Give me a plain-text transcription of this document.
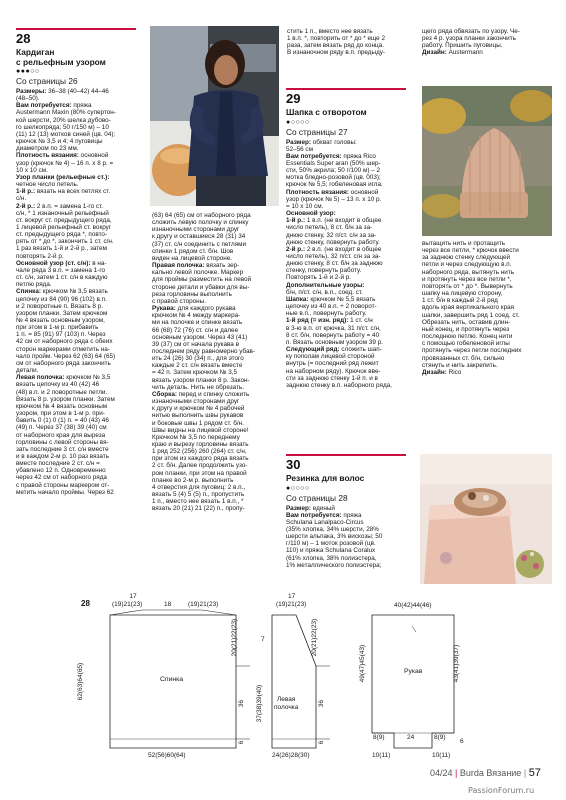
28
Кардиган
с рельефным узором
●●●○○
Со страницы 26

Размеры: 36–38 (40–42) 44–46

(48–50).

Вам потребуется: пряжа

Austermann Maxin (80% супертон-

кой шерсти, 20% шелка дубово-

го шелкопряда; 50 г/150 м) – 10

(11) 12 (13) мотков синей (цв. 04);

крючок № 3,5 и 4; 4 пуговицы

диаметром по 23 мм.

Плотность вязания: основной

узор (крючок № 4) – 16 п. x 8 р. =

10 x 10 см.

Узор планки (рельефные ст.):

четное число петель.

1-й р.: вязать на всех петлях ст.

с/н.

2-й р.: 2 в.п. = замена 1-го ст.

с/н, * 1 изнаночный рельефный

ст. вокруг ст. предыдущего ряда,

1 лицевой рельефный ст. вокруг

ст. предыдущего ряда *, повто-

рять от * до *, закончить 1 ст. с/н.

1 раз вязать 1-й и 2-й р., затем

повторять 2-й р.

Основной узор (ст. с/н): в на-

чале ряда 3 в.п. = замена 1-го

ст. с/н, затем 1 ст. с/н в каждую

петлю ряда.

Спинка: крючком № 3,5 вязать

цепочку из 84 (90) 96 (102) в.п.

и 2 поворотные п. Вязать 8 р.

узором планки. Затем крючком

№ 4 вязать основным узором,

при этом в 1-м р. прибавить

1 п. = 85 (91) 97 (103) п. Через

42 см от наборного ряда с обеих

сторон маркерами отметить на-

чало пройм. Через 62 (63) 64 (65)

см от наборного ряда закончить

детали.

Левая полочка: крючком № 3,5

вязать цепочку из 40 (42) 46

(48) в.п. и 2 поворотные петли.

Вязать 8 р. узором планки. Затем

крючком № 4 вязать основным

узором, при этом в 1-м р. при-

бавить 0 (1) 0 (1) п. = 40 (43) 46

(49) п. Через 37 (38) 39 (40) см

от наборного края для выреза

горловины с левой стороны вя-

зать последние 3 ст. с/н вместе

и в каждом 2-м р. 10 раз вязать

вместе последние 2 ст. с/н =

убавлено 12 п. Одновременно

через 42 см от наборного ряда

с правой стороны маркером от-

метить начало проймы. Через 62

(63) 64 (65) см от наборного ряда

сложить левую полочку и спинку

изнаночными сторонами друг

к другу и оставшиеся 28 (31) 34

(37) ст. с/н соединить с петлями

спинки 1 рядом ст. б/н. Шов

виден на лицевой стороне.

Правая полочка: вязать зер-

кально левой полочке. Маркер

для проймы разместить на левой

стороне детали и убавки для вы-

реза горловины выполнить

с правой стороны.

Рукава: для каждого рукава

крючком № 4 между маркера-

ми на полочке и спинке вязать

66 (68) 72 (76) ст. с/н и далее

основным узором. Через 43 (41)

39 (37) см от начала рукава в

последнем ряду равномерно убав-

ить 24 (26) 30 (34) п., для этого

каждые 2 ст. с/н вязать вместе

= 42 п. Затем крючком № 3,5

вязать узором планки 8 р. Закон-

чить деталь. Нить не обрезать.

Сборка: перед и спинку сложить

изнаночными сторонами друг

к другу и крючком № 4 рабочей

нитью выполнить швы рукавов

и боковые швы 1 рядом ст. б/н.

Швы видны на лицевой стороне!

Крючком № 3,5 по переднему

краю и вырезу горловины вязать

1 ряд 252 (256) 260 (264) ст. с/н,

при этом из каждого ряда вязать

2 ст. б/н. Далее продолжить узо-

ром планки, при этом на правой

планке во 2-м р. выполнить

4 отверстия для пуговиц: 2 в.п.,

вязать 5 (4) 5 (5) п., пропустить

1 п., вместо нее вязать 1 в.п., *

вязать 20 (21) 21 (22) п., пропу-

стить 1 п., вместо нее вязать

1 в.п. *, повторить от * до * еще 2

раза, затем вязать ряд до конца.

В изнаночном ряду в.п. предыду-

щего ряда обвязать по узору. Че-

рез 4 р. узора планки закончить

работу. Пришить пуговицы.

Дизайн: Austermann

29
Шапка с отворотом
●○○○○
Со страницы 27

Размер: обхват головы:

52–56 см

Вам потребуется: пряжа Rico

Essentials Super aran (50% шер-

сти, 50% акрила; 50 г/100 м) – 2

мотка бледно-розовой (цв. 003);

крючок № 5,5; гобеленовая игла.

Плотность вязания: основной

узор (крючок № 5) – 13 п. x 10 р.

= 10 x 10 см.

Основной узор:

1-й р.: 1 в.п. (не входит в общее

число петель), 8 ст. б/н за за-

днюю стенку, 32 п/ст. с/н за за-

днюю стенку, повернуть работу.

2-й р.: 2 в.п. (не входит в общее

число петель), 32 п/ст. с/н за за-

днюю стенку, 8 ст. б/н за заднюю

стенку, повернуть работу.

Повторять 1-й и 2-й р.

Дополнительные узоры:

б/н, п/ст. с/н, в.п., соед. ст.

Шапка: крючком № 5,5 вязать

цепочку из 40 в.п. + 2 поворот-

ные в.п., повернуть работу.

1-й ряд (= изн. ряд): 1 ст. с/н

в 3-ю в.п. от крючка, 31 п/ст. с/н,

8 ст. б/н, повернуть работу = 40

п. Вязать основным узором 39 р.

Следующий ряд: сложить шап-

ку пополам лицевой стороной

внутрь (= последний ряд лежит

на наборном ряду). Крючок вве-

сти за заднюю стенку 1-й п. и в

заднюю стенку в.п. наборного ряда,

вытащить нить и протащить

через все петли, * крючок ввести

за заднюю стенку следующей

петли и через следующую в.п.

наборного ряда, вытянуть нить

и протянуть через все петли *,

повторять от * до *. Вывернуть

шапку на лицевую сторону,

1 ст. б/н в каждый 2-й ряд

вдоль края вертикального края

шапки, завершить ряд 1 соед. ст.

Обрезать нить, оставив длин-

ный конец, и протянуть через

последнюю петлю. Конец нити

с помощью гобеленовой иглы

протянуть через петли последних

провязанных ст. б/н, сильно

стянуть и нить закрепить.

Дизайн: Rico

30
Резинка для волос
●○○○○
Со страницы 28

Размер: единый

Вам потребуется: пряжа

Schulana Lanalpaco-Circus

(35% хлопка, 34% шерсти, 28%

шерсти альпака, 3% вискозы; 50

г/110 м) – 1 моток розовой (цв.

110) и пряжа Schulana Coralux

(61% хлопка, 38% полиэстера,

1% металлического полиэстера;

28
17
(19)21(23)	18	(19)21(23)
Спинка
52(56)60(64)
62(63)64(65)
20(21)22(23)
36
6
17
(19)21(23)
Левая
полочка
24(26)28(30)
7
37(38)39(40)
20(21)22(23)
36
6
40(42)44(46)
Рукав
49(47)45(43)	43(41)39(37)
6
8(9)
10(11)
24	8(9)
10(11)
04/24 | Burda Вязание | 57
PassionForum.ru
